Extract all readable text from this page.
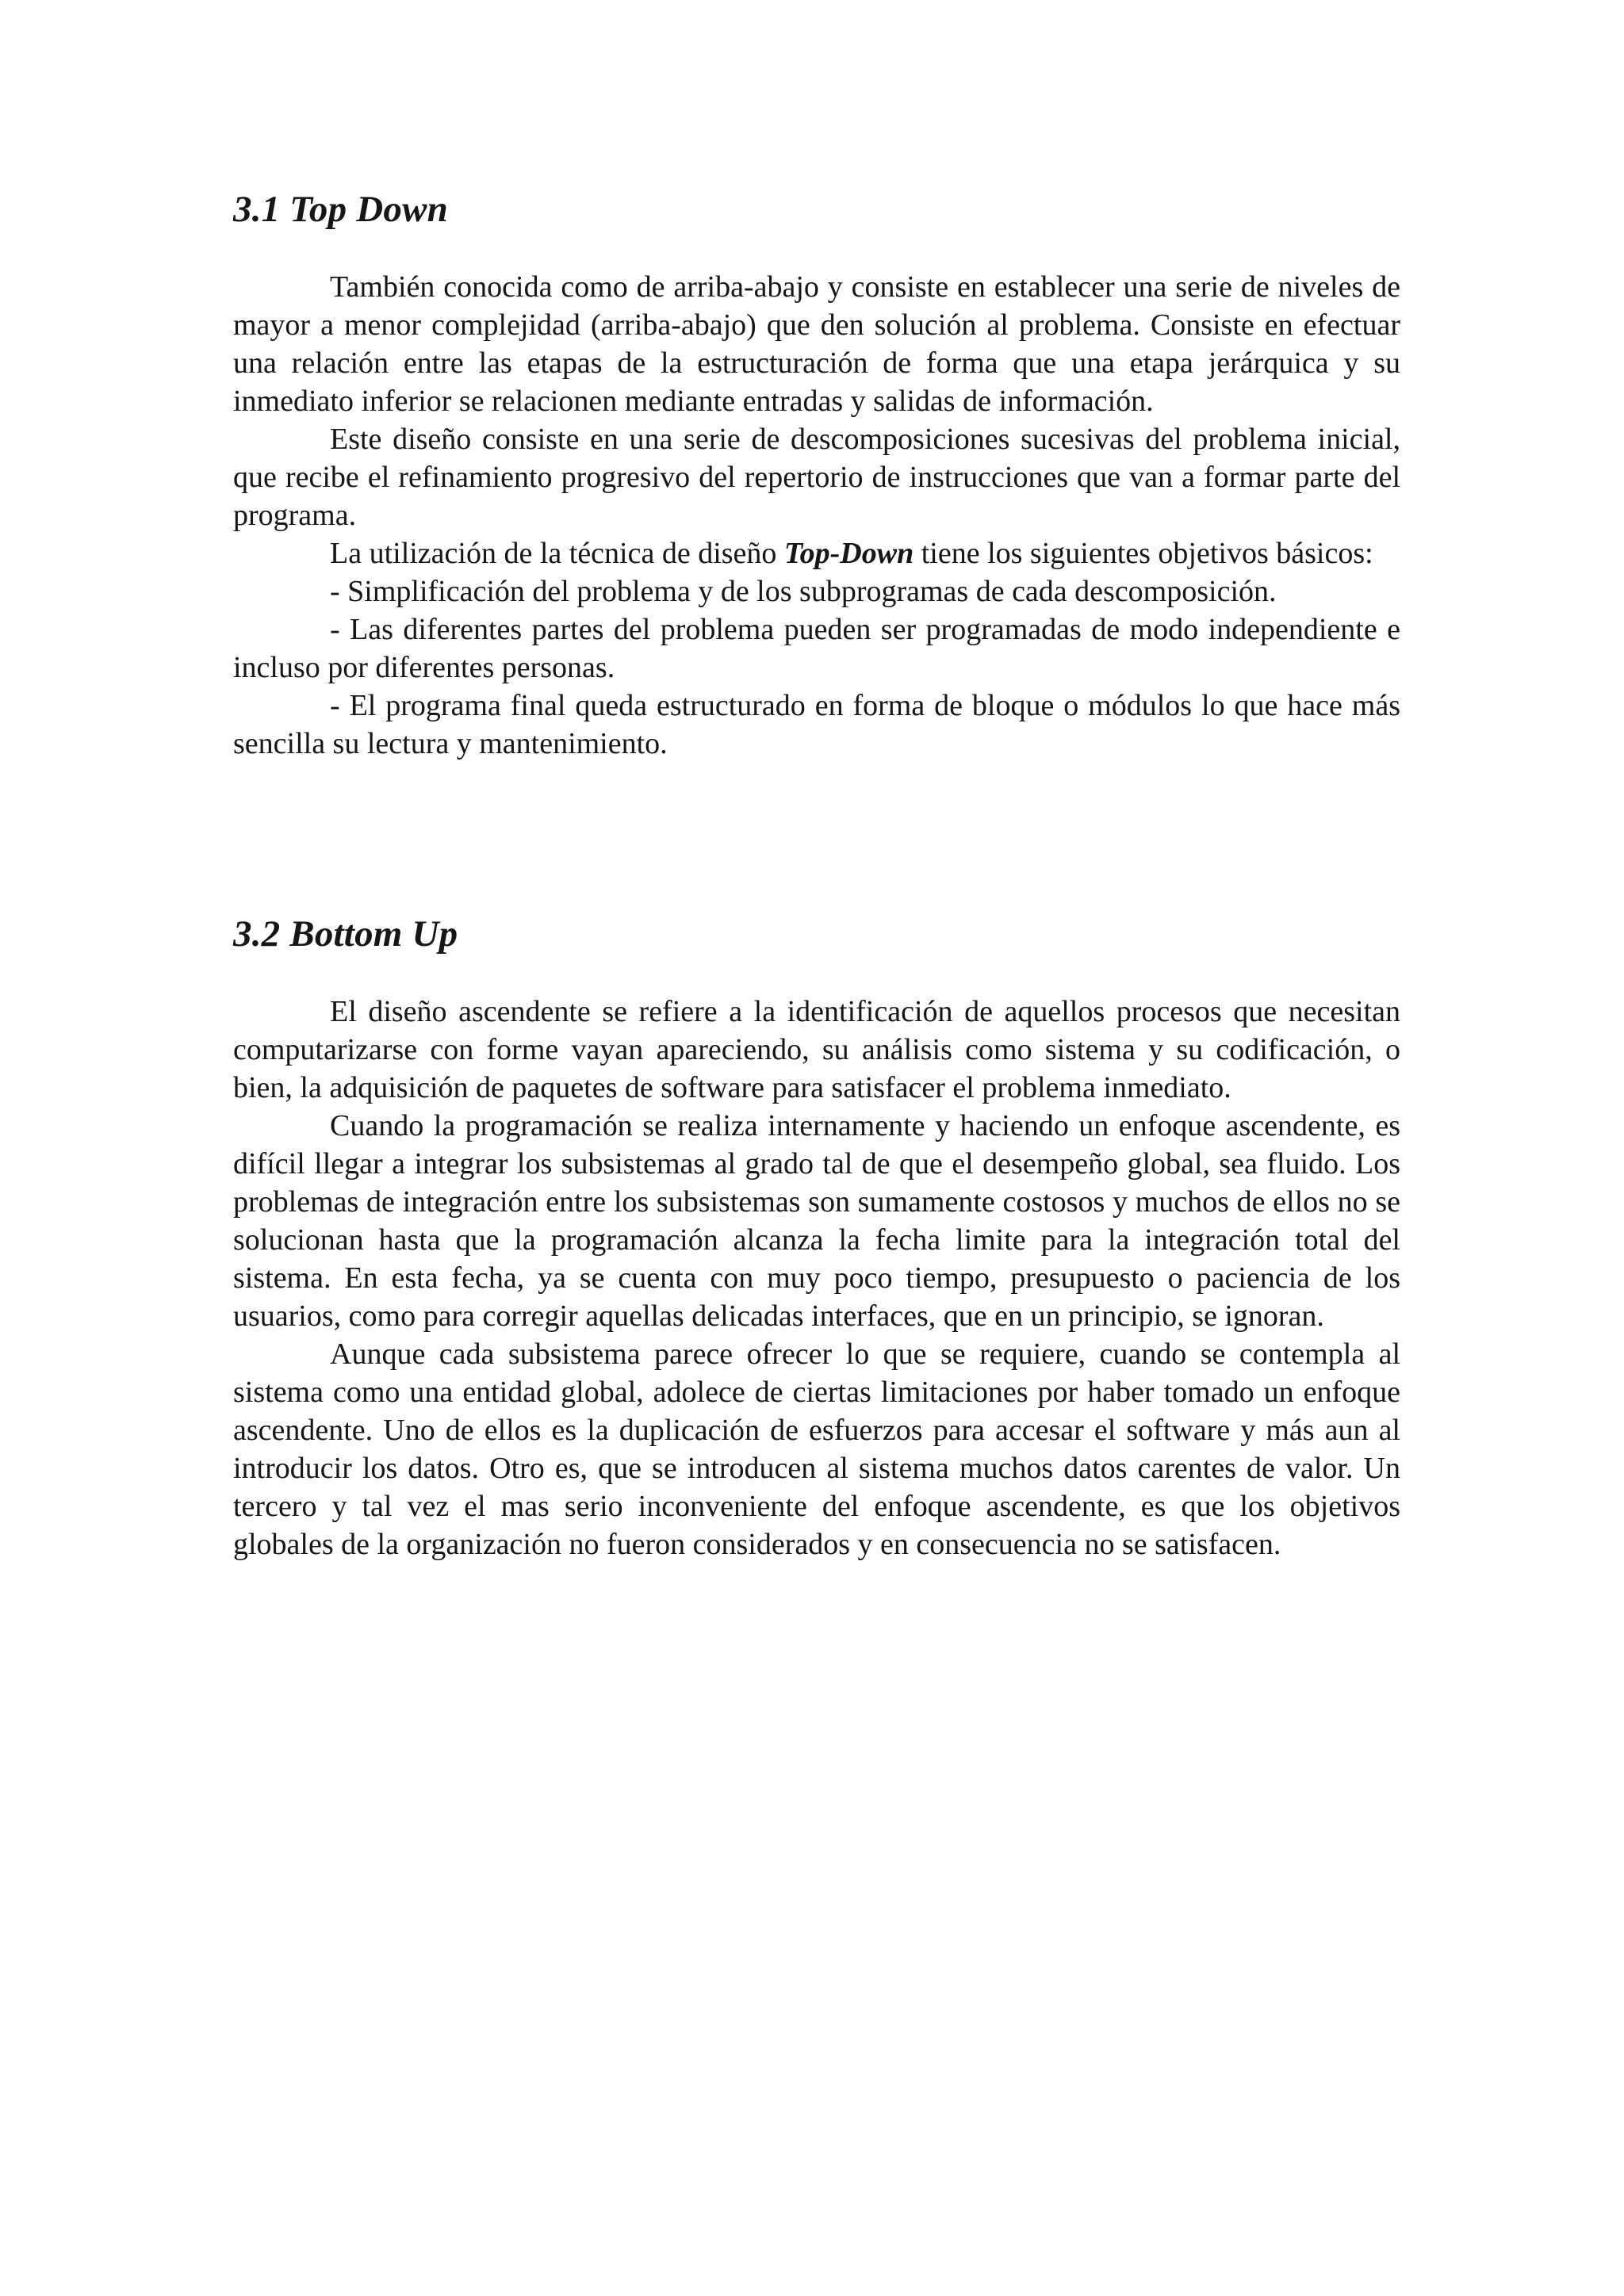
3.1 Top Down

También conocida como de arriba-abajo y consiste en establecer una serie de niveles de mayor a menor complejidad (arriba-abajo) que den solución al problema. Consiste en efectuar una relación entre las etapas de la estructuración de forma que una etapa jerárquica y su inmediato inferior se relacionen mediante entradas y salidas de información.

Este diseño consiste en una serie de descomposiciones sucesivas del problema inicial, que recibe el refinamiento progresivo del repertorio de instrucciones que van a formar parte del programa.

La utilización de la técnica de diseño Top-Down tiene los siguientes objetivos básicos:

- Simplificación del problema y de los subprogramas de cada descomposición.

- Las diferentes partes del problema pueden ser programadas de modo independiente e incluso por diferentes personas.

- El programa final queda estructurado en forma de bloque o módulos lo que hace más sencilla su lectura y mantenimiento.

3.2 Bottom Up

El diseño ascendente se refiere a la identificación de aquellos procesos que necesitan computarizarse con forme vayan apareciendo, su análisis como sistema y su codificación, o bien, la adquisición de paquetes de software para satisfacer el problema inmediato.

Cuando la programación se realiza internamente y haciendo un enfoque ascendente, es difícil llegar a integrar los subsistemas al grado tal de que el desempeño global, sea fluido. Los problemas de integración entre los subsistemas son sumamente costosos y muchos de ellos no se solucionan hasta que la programación alcanza la fecha limite para la integración total del sistema. En esta fecha, ya se cuenta con muy poco tiempo, presupuesto o paciencia de los usuarios, como para corregir aquellas delicadas interfaces, que en un principio, se ignoran.

Aunque cada subsistema parece ofrecer lo que se requiere, cuando se contempla al sistema como una entidad global, adolece de ciertas limitaciones por haber tomado un enfoque ascendente. Uno de ellos es la duplicación de esfuerzos para accesar el software y más aun al introducir los datos. Otro es, que se introducen al sistema muchos datos carentes de valor. Un tercero y tal vez el mas serio inconveniente del enfoque ascendente, es que los objetivos globales de la organización no fueron considerados y en consecuencia no se satisfacen.
